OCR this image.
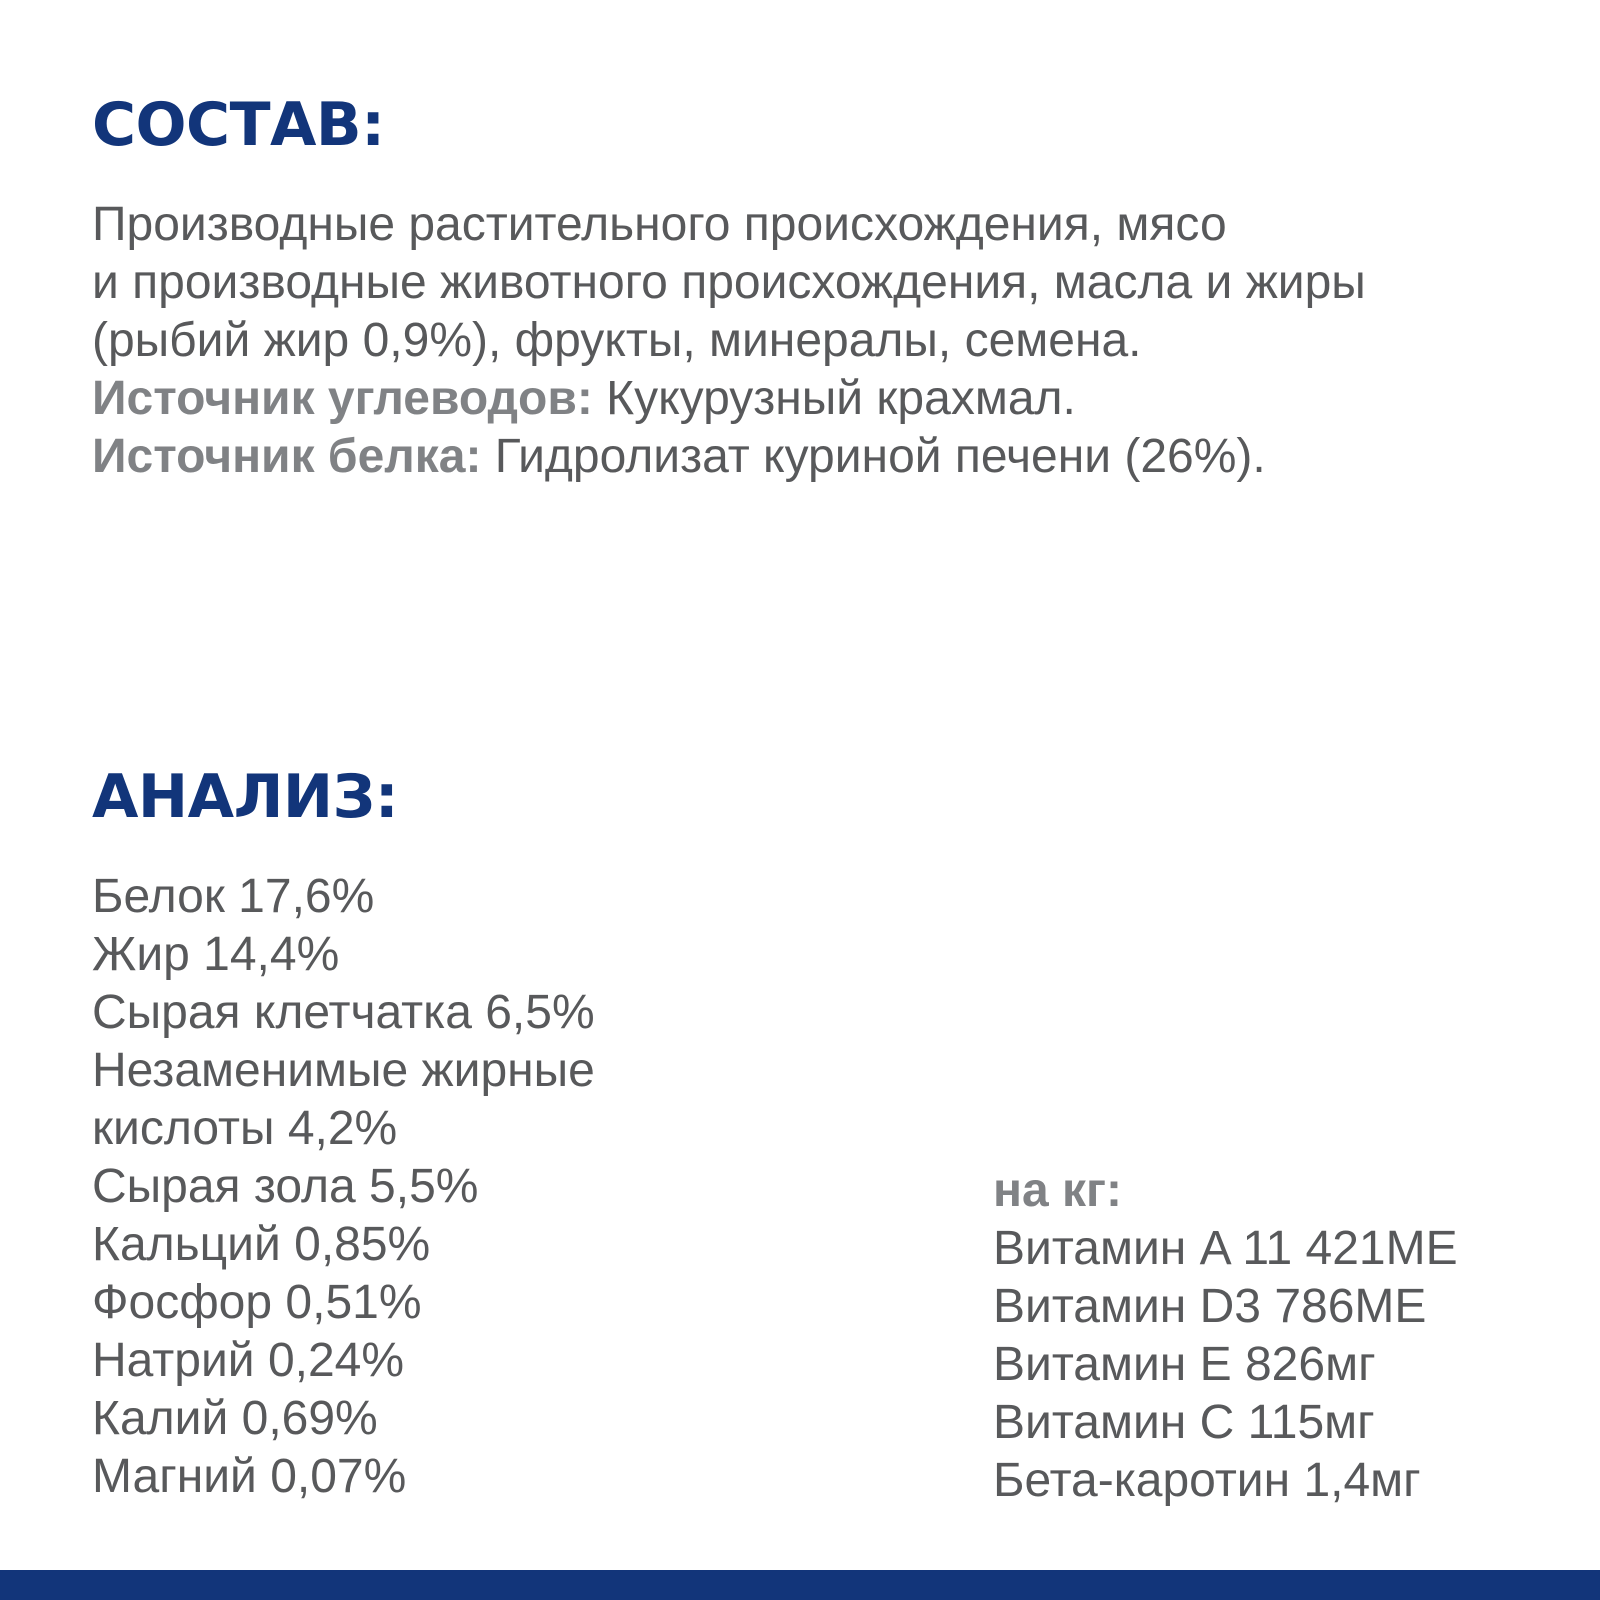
СОСТАВ:
Производные растительного происхождения, мясо
и производные животного происхождения, масла и жиры
(рыбий жир 0,9%), фрукты, минералы, семена.
Источник углеводов: Кукурузный крахмал.
Источник белка: Гидролизат куриной печени (26%).
АНАЛИЗ:
Белок 17,6%
Жир 14,4%
Сырая клетчатка 6,5%
Незаменимые жирные
кислоты 4,2%
Сырая зола 5,5%
Кальций 0,85%
Фосфор 0,51%
Натрий 0,24%
Калий 0,69%
Магний 0,07%
на кг:
Витамин A 11 421МЕ
Витамин D3 786МЕ
Витамин E 826мг
Витамин C 115мг
Бета-каротин 1,4мг
